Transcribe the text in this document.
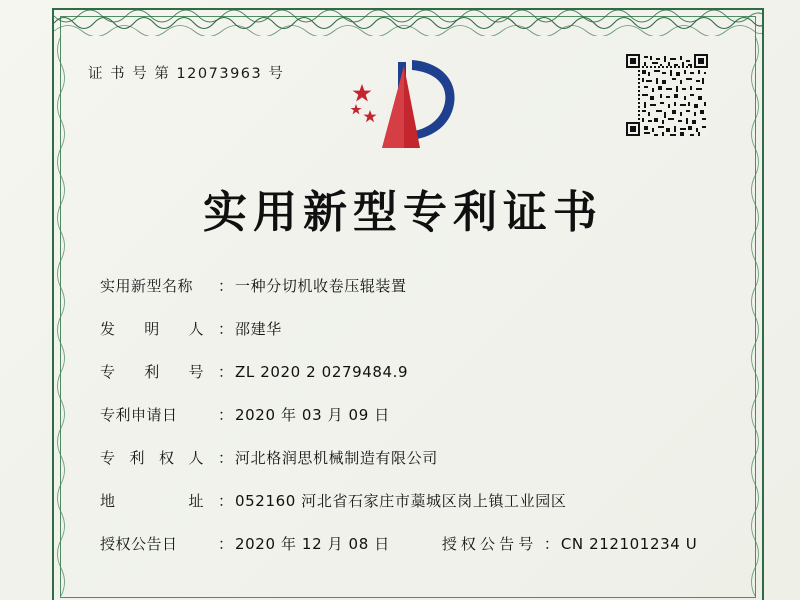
证 书 号 第 12073963 号
实用新型专利证书
实用新型名称	： 一种分切机收卷压辊装置
发明人 ： 邵建华
专利号 ： ZL 2020 2 0279484.9
专利申请日	： 2020 年 03 月 09 日
专利权人 ： 河北格润思机械制造有限公司
地址 ： 052160 河北省石家庄市藁城区岗上镇工业园区
授权公告日	： 2020 年 12 月 08 日	授权公告号 ： CN 212101234 U
